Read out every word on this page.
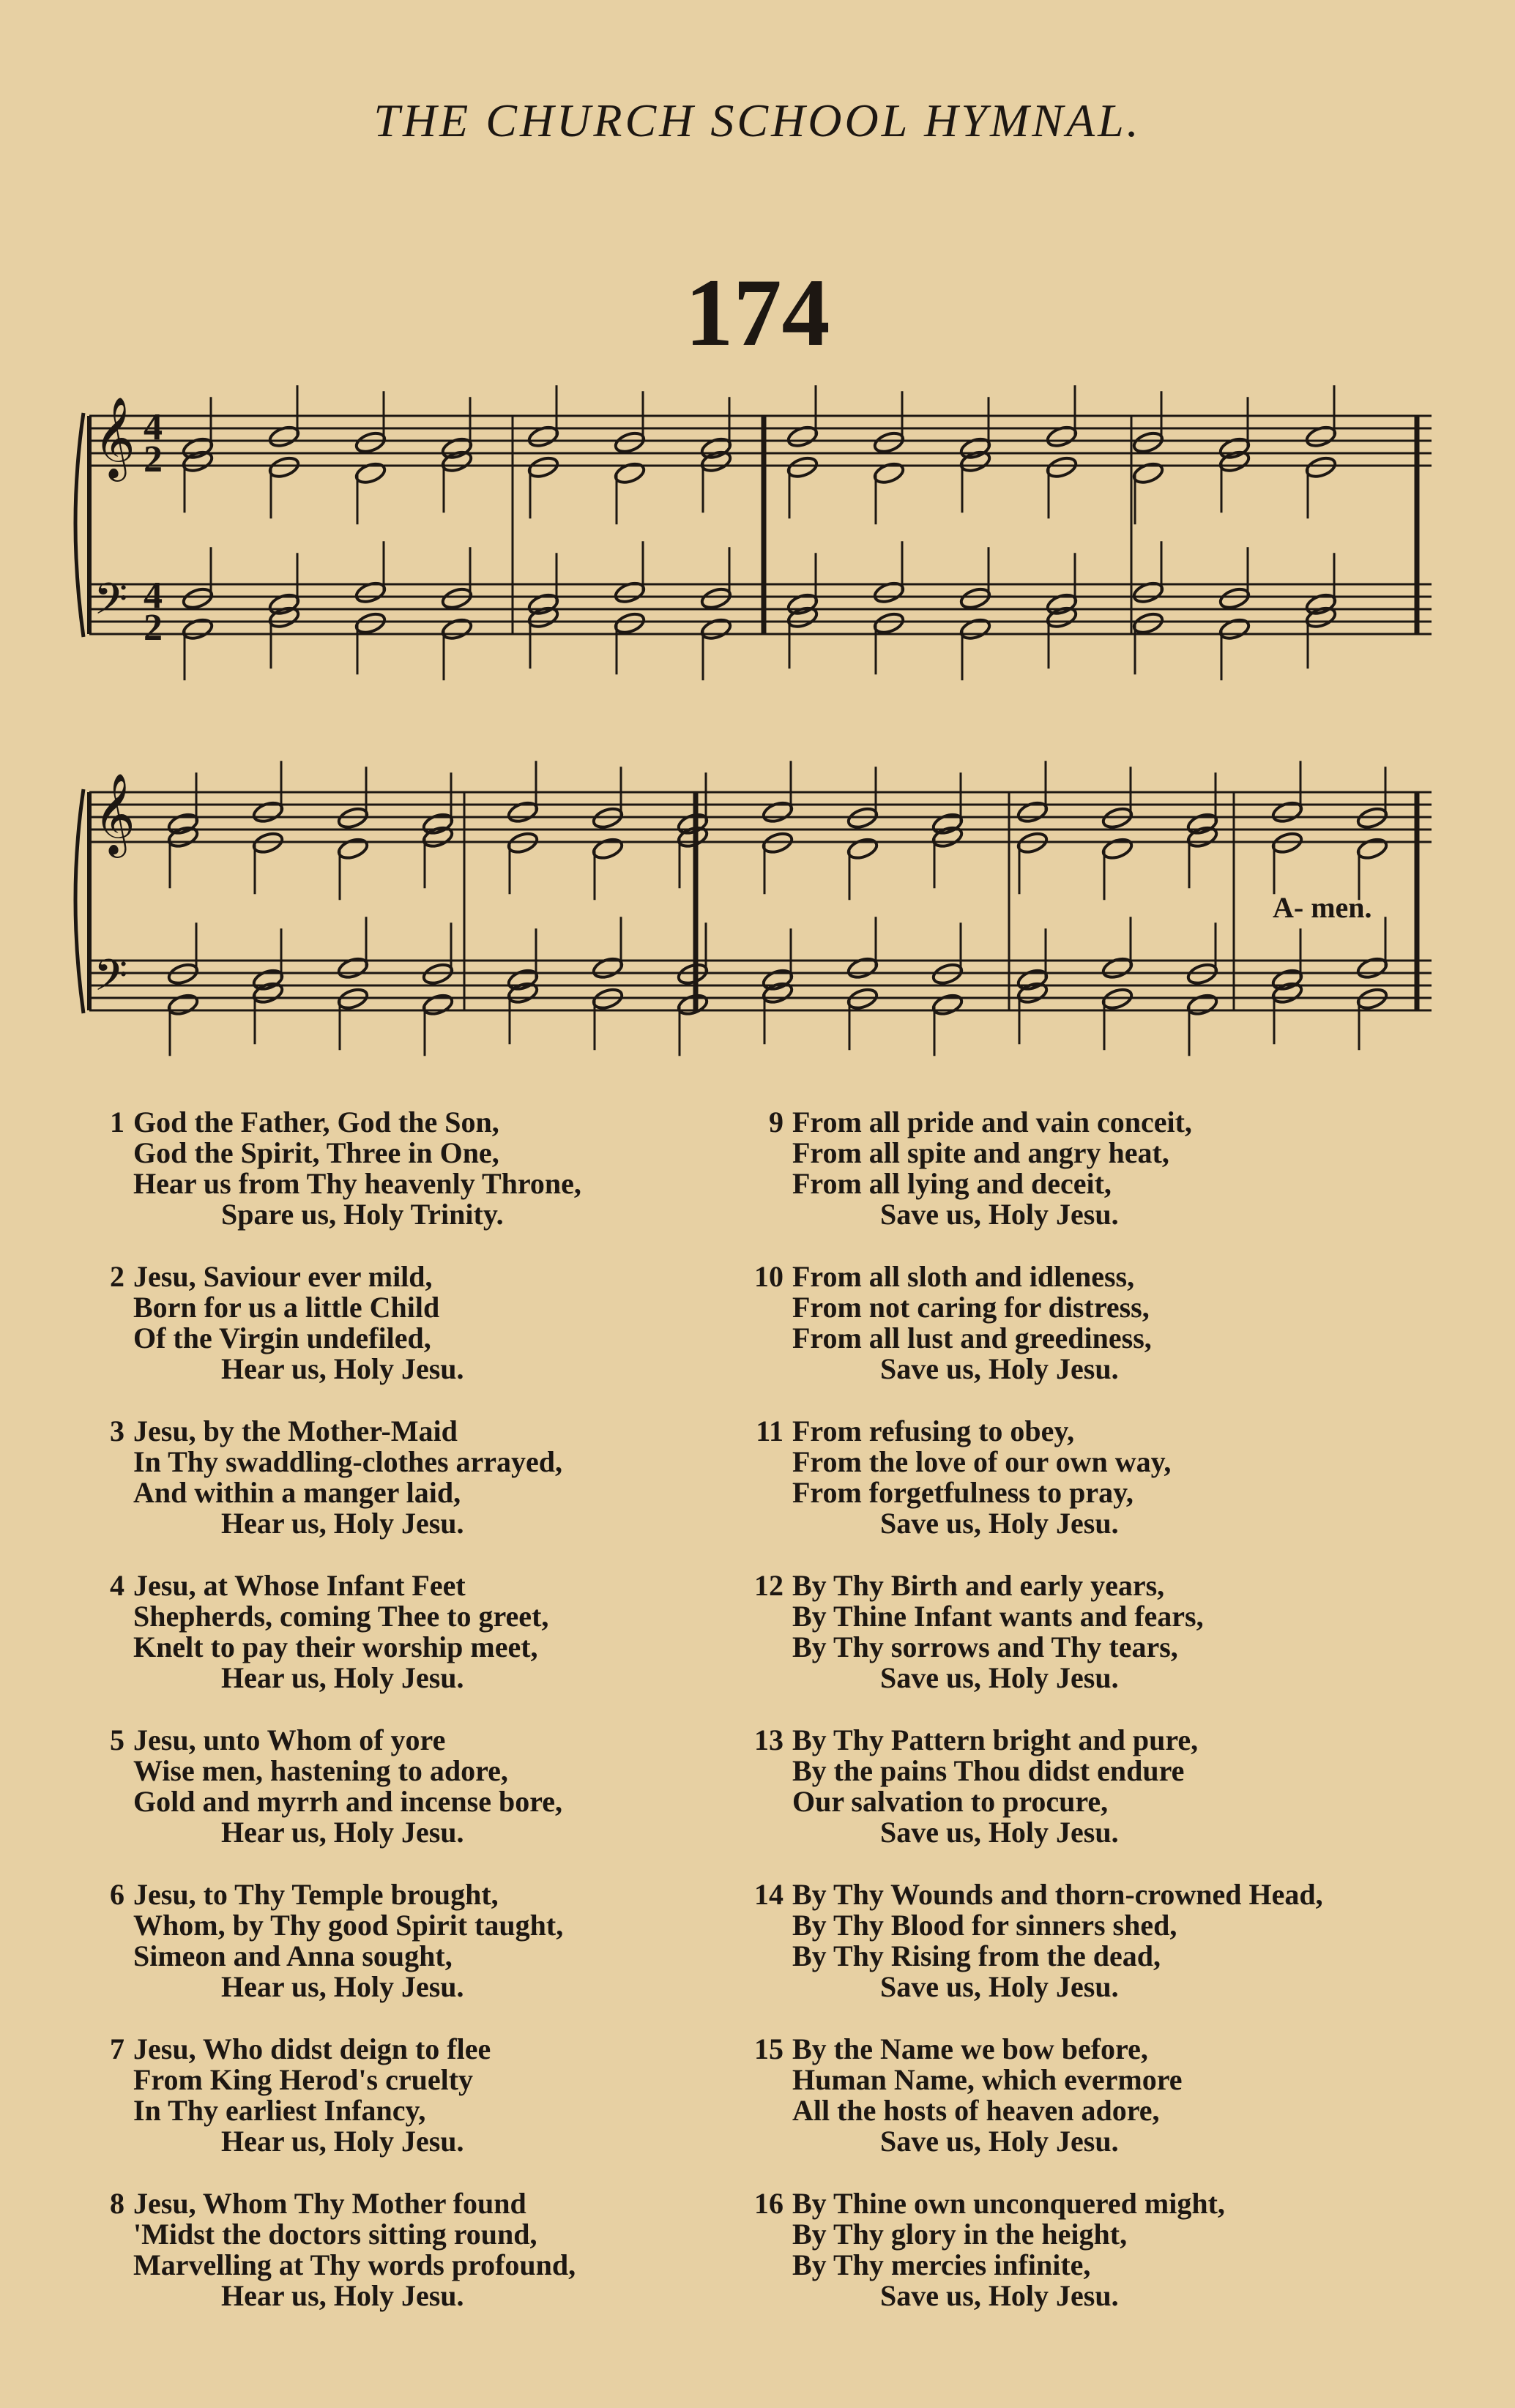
THE CHURCH SCHOOL HYMNAL.
174
𝄞
𝄢
𝄞
𝄢
4
2
4
2
A- men.
1 God the Father, God the Son,
God the Spirit, Three in One,
Hear us from Thy heavenly Throne,
Spare us, Holy Trinity.
2 Jesu, Saviour ever mild,
Born for us a little Child
Of the Virgin undefiled,
Hear us, Holy Jesu.
3 Jesu, by the Mother-Maid
In Thy swaddling-clothes arrayed,
And within a manger laid,
Hear us, Holy Jesu.
4 Jesu, at Whose Infant Feet
Shepherds, coming Thee to greet,
Knelt to pay their worship meet,
Hear us, Holy Jesu.
5 Jesu, unto Whom of yore
Wise men, hastening to adore,
Gold and myrrh and incense bore,
Hear us, Holy Jesu.
6 Jesu, to Thy Temple brought,
Whom, by Thy good Spirit taught,
Simeon and Anna sought,
Hear us, Holy Jesu.
7 Jesu, Who didst deign to flee
From King Herod's cruelty
In Thy earliest Infancy,
Hear us, Holy Jesu.
8 Jesu, Whom Thy Mother found
'Midst the doctors sitting round,
Marvelling at Thy words profound,
Hear us, Holy Jesu.
9 From all pride and vain conceit,
From all spite and angry heat,
From all lying and deceit,
Save us, Holy Jesu.
10 From all sloth and idleness,
From not caring for distress,
From all lust and greediness,
Save us, Holy Jesu.
11 From refusing to obey,
From the love of our own way,
From forgetfulness to pray,
Save us, Holy Jesu.
12 By Thy Birth and early years,
By Thine Infant wants and fears,
By Thy sorrows and Thy tears,
Save us, Holy Jesu.
13 By Thy Pattern bright and pure,
By the pains Thou didst endure
Our salvation to procure,
Save us, Holy Jesu.
14 By Thy Wounds and thorn-crowned Head,
By Thy Blood for sinners shed,
By Thy Rising from the dead,
Save us, Holy Jesu.
15 By the Name we bow before,
Human Name, which evermore
All the hosts of heaven adore,
Save us, Holy Jesu.
16 By Thine own unconquered might,
By Thy glory in the height,
By Thy mercies infinite,
Save us, Holy Jesu.
